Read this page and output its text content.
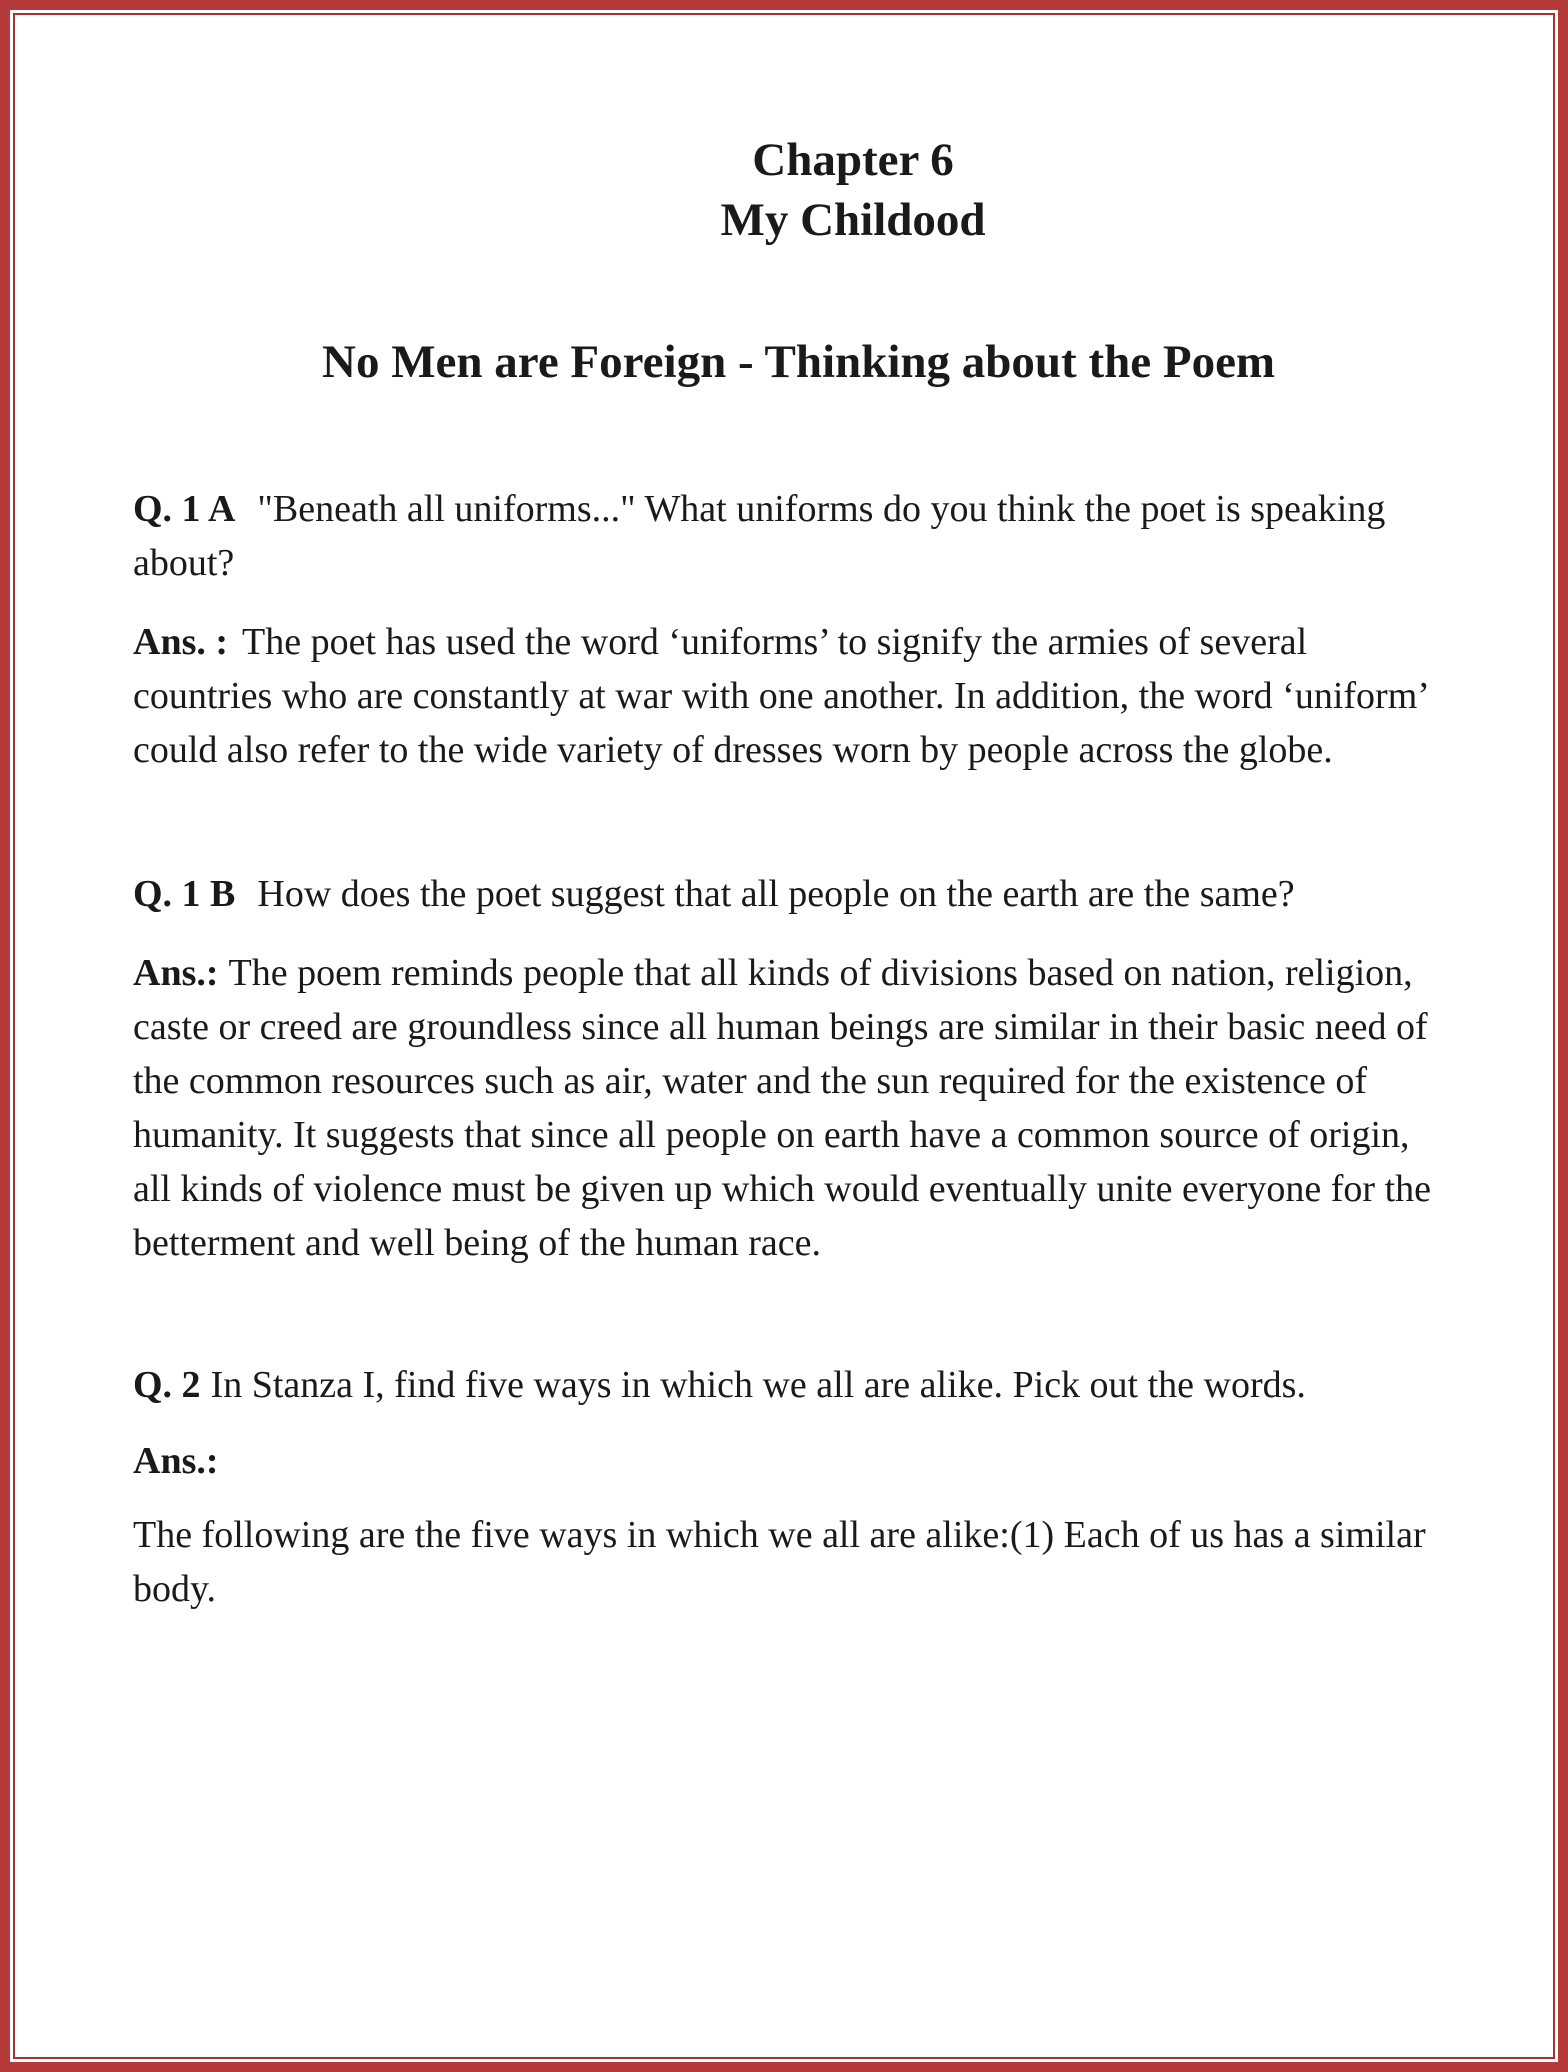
Chapter 6
My Childood
No Men are Foreign - Thinking about the Poem

Q. 1 A "Beneath all uniforms..." What uniforms do you think the poet is speaking about?

Ans. : The poet has used the word ‘uniforms’ to signify the armies of several countries who are constantly at war with one another. In addition, the word ‘uniform’ could also refer to the wide variety of dresses worn by people across the globe.

Q. 1 B How does the poet suggest that all people on the earth are the same?

Ans.: The poem reminds people that all kinds of divisions based on nation, religion, caste or creed are groundless since all human beings are similar in their basic need of the common resources such as air, water and the sun required for the existence of humanity. It suggests that since all people on earth have a common source of origin, all kinds of violence must be given up which would eventually unite everyone for the betterment and well being of the human race.

Q. 2 In Stanza I, find five ways in which we all are alike. Pick out the words.

Ans.:

The following are the five ways in which we all are alike:(1) Each of us has a similar body.
